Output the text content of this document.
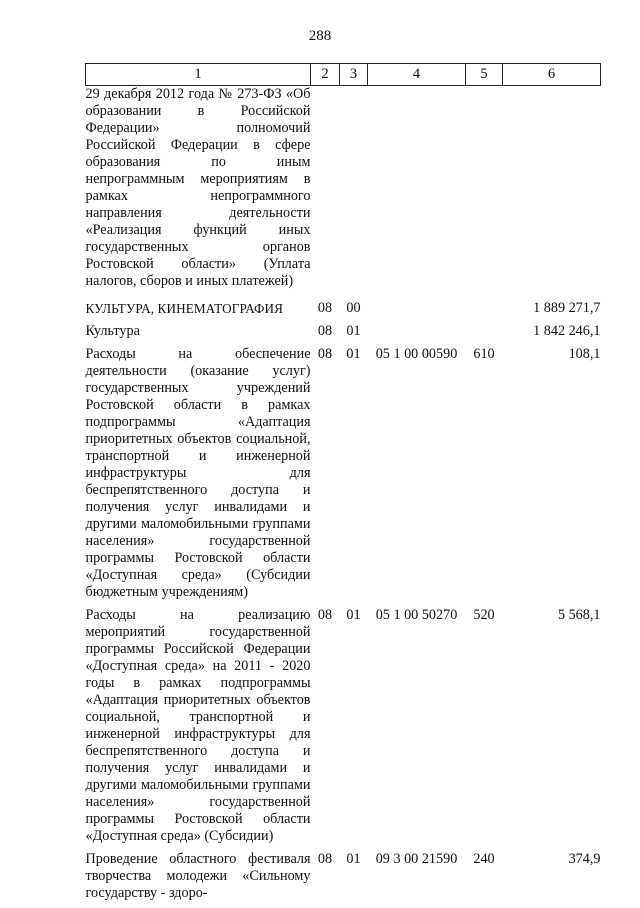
288
1	2	3	4	5	6
29 декабря 2012 года № 273-ФЗ «Об образовании в Российской Федерации» полномочий Российской Федерации в сфере образования по иным непрограммным мероприятиям в рамках непрограммного направления деятельности «Реализация функций иных государственных органов Ростовской области» (Уплата налогов, сборов и иных платежей)					
КУЛЬТУРА, КИНЕМАТОГРАФИЯ	08	00			1 889 271,7
Культура	08	01			1 842 246,1
Расходы на обеспечение деятельности (оказание услуг) государственных учреждений Ростовской области в рамках подпрограммы «Адаптация приоритетных объектов социальной, транспортной и инженерной инфраструктуры для беспрепятственного доступа и получения услуг инвалидами и другими маломобильными группами населения» государственной программы Ростовской области «Доступная среда» (Субсидии бюджетным учреждениям)	08	01	05 1 00 00590	610	108,1
Расходы на реализацию мероприятий государственной программы Российской Федерации «Доступная среда» на 2011 - 2020 годы в рамках подпрограммы «Адаптация приоритетных объектов социальной, транспортной и инженерной инфраструктуры для беспрепятственного доступа и получения услуг инвалидами и другими маломобильными группами населения» государственной программы Ростовской области «Доступная среда» (Субсидии)	08	01	05 1 00 50270	520	5 568,1
Проведение областного фестиваля творчества молодежи «Сильному государству - здоро-	08	01	09 3 00 21590	240	374,9
